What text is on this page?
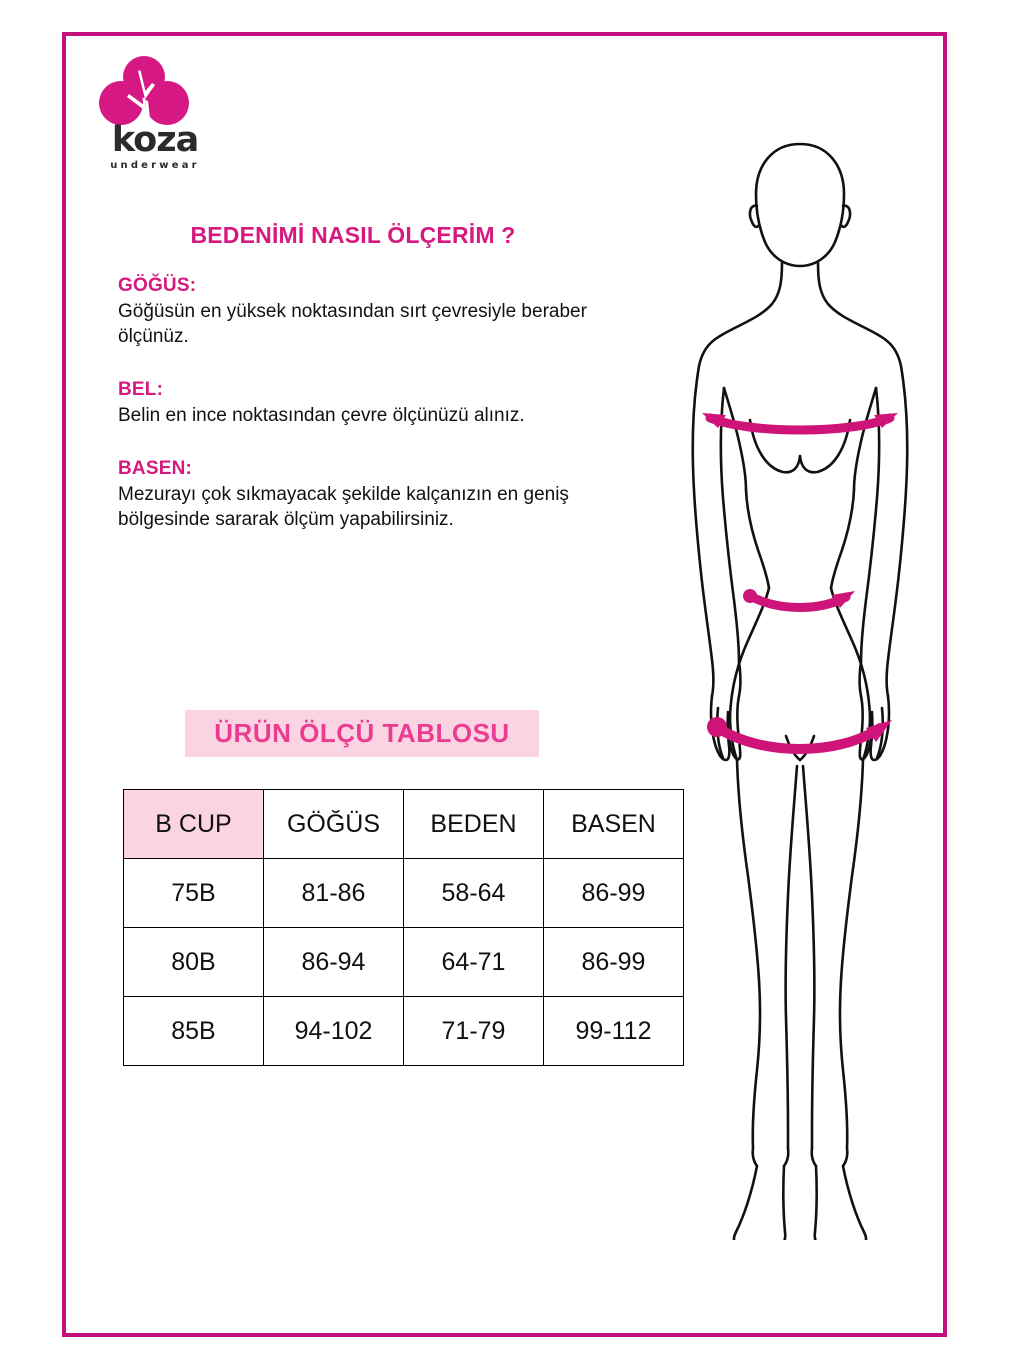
koza
underwear
BEDENİMİ NASIL ÖLÇERİM ?

GÖĞÜS:

Göğüsün en yüksek noktasından sırt çevresiyle beraber ölçünüz.

BEL:

Belin en ince noktasından çevre ölçünüzü alınız.

BASEN:

Mezurayı çok sıkmayacak şekilde kalçanızın en geniş bölgesinde sararak ölçüm yapabilirsiniz.

ÜRÜN ÖLÇÜ TABLOSU
B CUP	GÖĞÜS	BEDEN	BASEN
75B	81-86	58-64	86-99
80B	86-94	64-71	86-99
85B	94-102	71-79	99-112
